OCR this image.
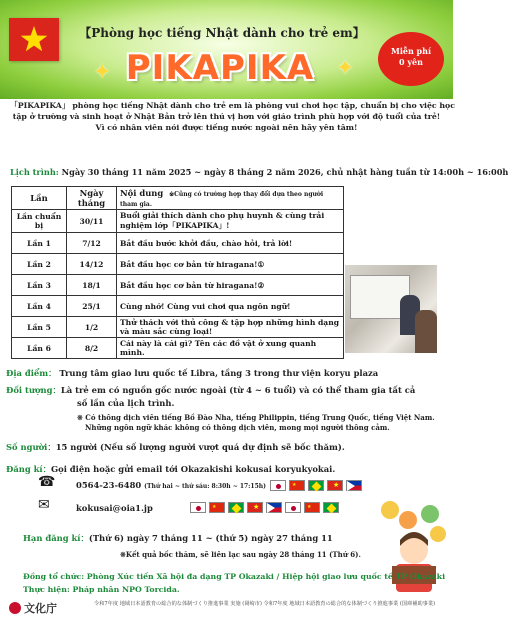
【Phòng học tiếng Nhật dành cho trẻ em】
✦ PIKAPIKA ✦
Miễn phí
0 yên
「PIKAPIKA」 phòng học tiếng Nhật dành cho trẻ em là phòng vui chơi học tập, chuẩn bị cho việc học
tập ở trường và sinh hoạt ở Nhật Bản trở lên thú vị hơn với giáo trình phù hợp với độ tuổi của trẻ!
Vì có nhân viên nói được tiếng nước ngoài nên hãy yên tâm!
Lịch trình: Ngày 30 tháng 11 năm 2025 ~ ngày 8 tháng 2 năm 2026, chủ nhật hàng tuần từ 14:00h ~ 16:00h
Lần	Ngày tháng	Nội dung ※Cũng có trường hợp thay đổi dựa theo người tham gia.
Lần chuẩn bị	30/11	Buổi giải thích dành cho phụ huynh & cùng trải nghiệm lớp「PIKAPIKA」!
Lần 1	7/12	Bắt đầu bước khởi đầu, chào hỏi, trả lời!
Lần 2	14/12	Bắt đầu học cơ bản từ hiragana!①
Lần 3	18/1	Bắt đầu học cơ bản từ hiragana!②
Lần 4	25/1	Cùng nhớ! Cùng vui chơi qua ngôn ngữ!
Lần 5	1/2	Thử thách với thủ công & tập hợp những hình dạng và màu sắc cùng loại!
Lần 6	8/2	Cái này là cái gì? Tên các đồ vật ở xung quanh mình.
Địa điểm： Trung tâm giao lưu quốc tế Libra, tầng 3 trong thư viện koryu plaza
Đối tượng：Là trẻ em có nguồn gốc nước ngoài (từ 4 ~ 6 tuổi) và có thể tham gia tất cả
số lần của lịch trình.
※ Có thông dịch viên tiếng Bồ Đào Nha, tiếng Philippin, tiếng Trung Quốc, tiếng Việt Nam.
Những ngôn ngữ khác không có thông dịch viên, mong mọi người thông cảm.
Số người：15 người (Nếu số lượng người vượt quá dự định sẽ bốc thăm).
Đăng kí：Gọi điện hoặc gửi email tới Okazakishi kokusai koryukyokai.
☎ 0564-23-6480 (Thứ hai ~ thứ sáu: 8:30h ~ 17:15h)	★	★
✉	kokusai@oia1.jp	★	★	★
Hạn đăng kí：(Thứ 6) ngày 7 tháng 11 ~ (thứ 5) ngày 27 tháng 11
※Kết quả bốc thăm, sẽ liên lạc sau ngày 28 tháng 11 (Thứ 6).
Đồng tổ chức: Phòng Xúc tiến Xã hội đa dạng TP Okazaki / Hiệp hội giao lưu quốc tế TP Okazaki
Thực hiện: Pháp nhân NPO Torcida.
文化庁	令和7年度 地域日本語教育の総合的な体制づくり推進事業 実施 (岡崎市) 令和7年度 地域日本語教育の総合的な体制づくり推進事業 (国庫補助事業)
